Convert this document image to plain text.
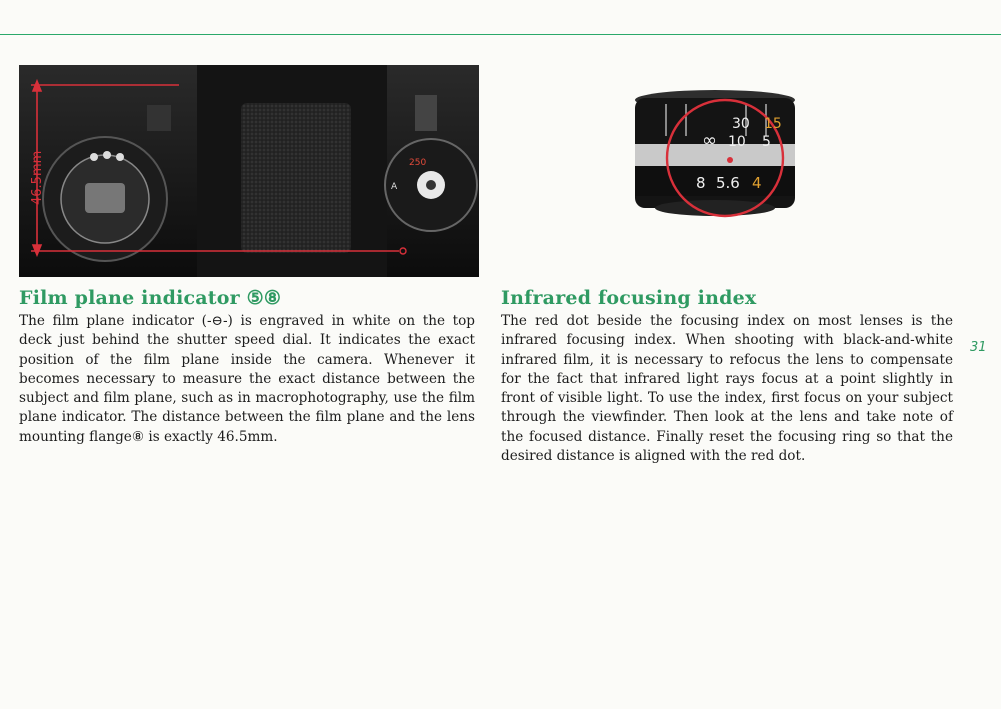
250
A
46.5mm
30 15
∞ 10 5
8 5.6 4
Film plane indicator ⑤⑧

The film plane indicator (-⊖-) is engraved in white on the top deck just behind the shutter speed dial. It indicates the exact position of the film plane inside the camera. Whenever it becomes necessary to measure the exact distance between the subject and film plane, such as in macrophotography, use the film plane indicator. The distance between the film plane and the lens mounting flange⑧ is exactly 46.5mm.

Infrared focusing index

The red dot beside the focusing index on most lenses is the infrared focusing index. When shooting with black-and-white infrared film, it is necessary to refocus the lens to compensate for the fact that infrared light rays focus at a point slightly in front of visible light. To use the index, first focus on your subject through the viewfinder. Then look at the lens and take note of the focused distance. Finally reset the focusing ring so that the desired distance is aligned with the red dot.

31
